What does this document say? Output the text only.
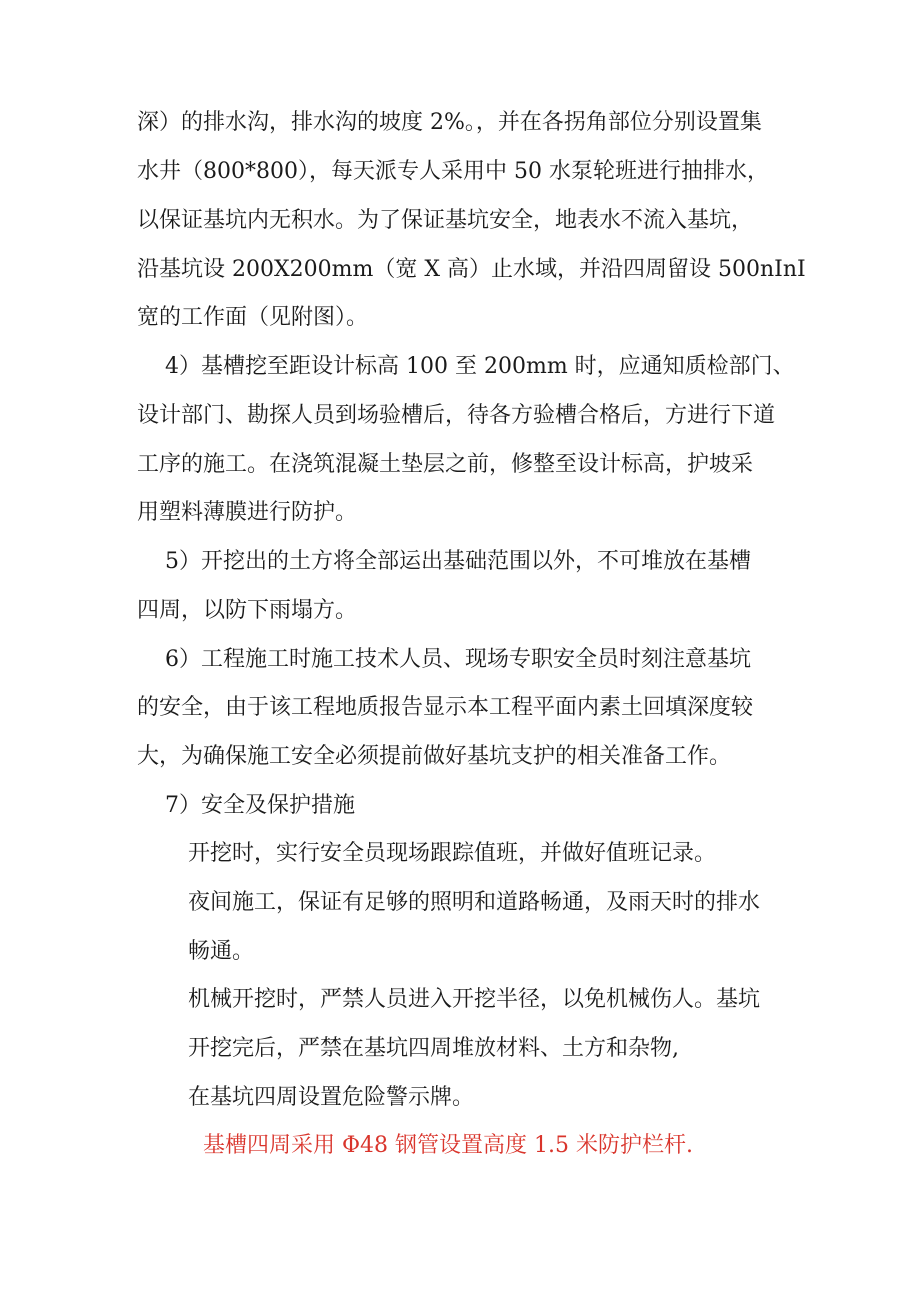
深）的排水沟，排水沟的坡度 2%。，并在各拐角部位分别设置集
水井（800*800），每天派专人采用中 50 水泵轮班进行抽排水，
以保证基坑内无积水。为了保证基坑安全，地表水不流入基坑，
沿基坑设 200X200mm（宽 X 高）止水域，并沿四周留设 500nInI
宽的工作面（见附图）。
4）基槽挖至距设计标高 100 至 200mm 时，应通知质检部门、
设计部门、勘探人员到场验槽后，待各方验槽合格后，方进行下道
工序的施工。在浇筑混凝土垫层之前，修整至设计标高，护坡采
用塑料薄膜进行防护。
5）开挖出的土方将全部运出基础范围以外，不可堆放在基槽
四周，以防下雨塌方。
6）工程施工时施工技术人员、现场专职安全员时刻注意基坑
的安全，由于该工程地质报告显示本工程平面内素土回填深度较
大，为确保施工安全必须提前做好基坑支护的相关准备工作。
7）安全及保护措施
开挖时，实行安全员现场跟踪值班，并做好值班记录。
夜间施工，保证有足够的照明和道路畅通，及雨天时的排水
畅通。
机械开挖时，严禁人员进入开挖半径，以免机械伤人。基坑
开挖完后，严禁在基坑四周堆放材料、土方和杂物,
在基坑四周设置危险警示牌。
基槽四周采用 Φ48 钢管设置高度 1.5 米防护栏杆.
